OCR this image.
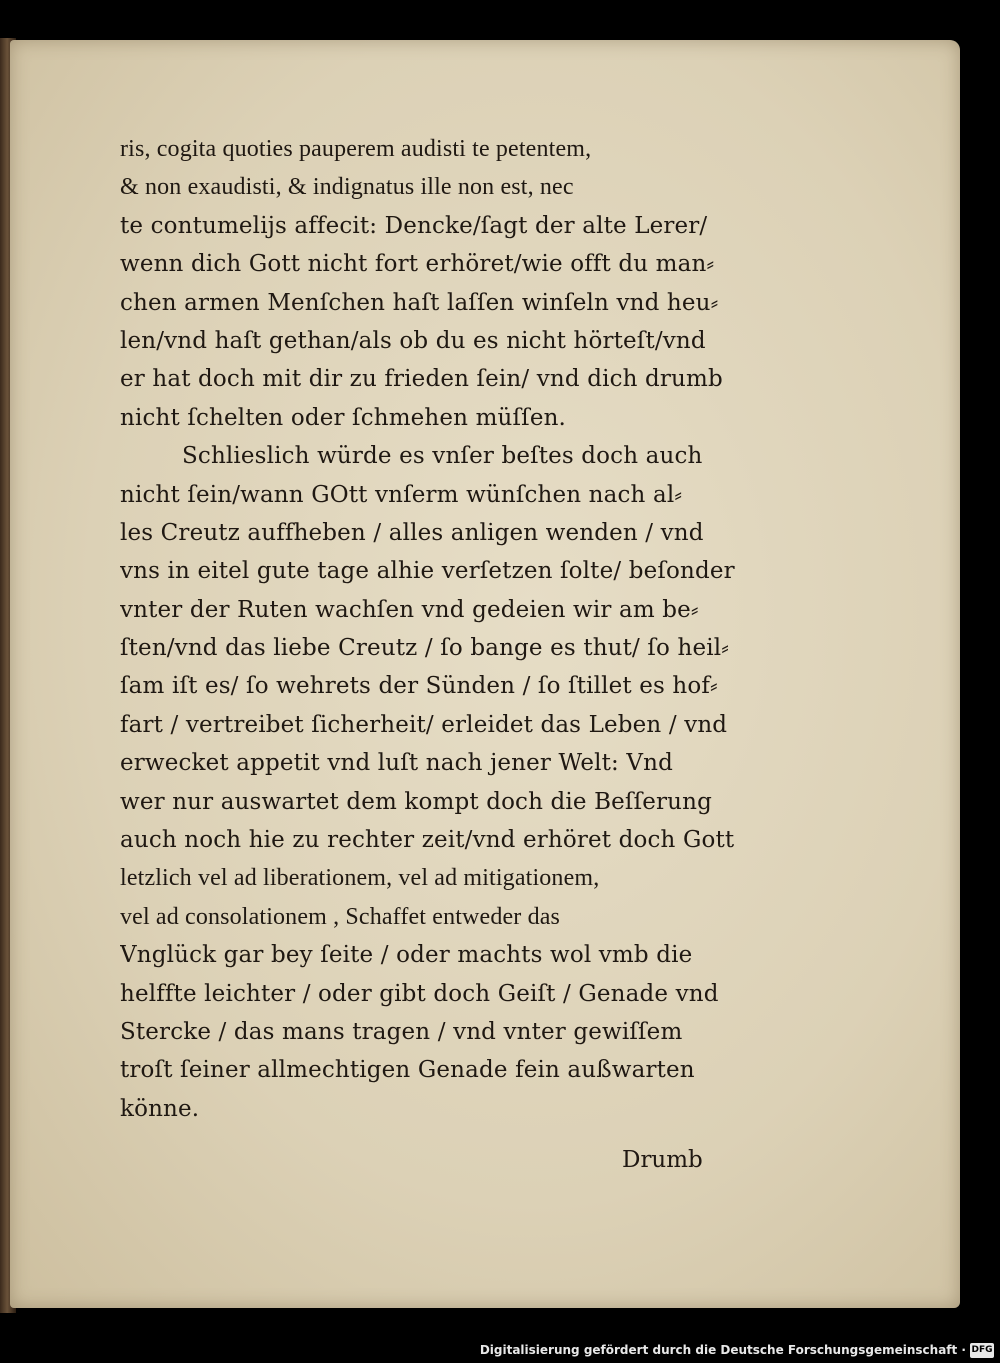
ris, cogita quoties pauperem audisti te petentem,
& non exaudisti, & indignatus ille non est, nec
te contumelijs affecit: Dencke/ſagt der alte Lerer/
wenn dich Gott nicht fort erhöret/wie offt du man⸗
chen armen Menſchen haſt laſſen winſeln vnd heu⸗
len/vnd haſt gethan/als ob du es nicht hörteſt/vnd
er hat doch mit dir zu frieden ſein/ vnd dich drumb
nicht ſchelten oder ſchmehen müſſen.
Schlieslich würde es vnſer beſtes doch auch
nicht ſein/wann GOtt vnſerm wünſchen nach al⸗
les Creutz auffheben / alles anligen wenden / vnd
vns in eitel gute tage alhie verſetzen ſolte/ beſonder
vnter der Ruten wachſen vnd gedeien wir am be⸗
ſten/vnd das liebe Creutz / ſo bange es thut/ ſo heil⸗
ſam iſt es/ ſo wehrets der Sünden / ſo ſtillet es hof⸗
fart / vertreibet ſicherheit/ erleidet das Leben / vnd
erwecket appetit vnd luſt nach jener Welt: Vnd
wer nur auswartet dem kompt doch die Beſſerung
auch noch hie zu rechter zeit/vnd erhöret doch Gott
letzlich vel ad liberationem, vel ad mitigationem,
vel ad consolationem , Schaffet entweder das
Vnglück gar bey ſeite / oder machts wol vmb die
helffte leichter / oder gibt doch Geiſt / Genade vnd
Stercke / das mans tragen / vnd vnter gewiſſem
troſt ſeiner allmechtigen Genade fein außwarten
könne.
Drumb
Digitalisierung gefördert durch die Deutsche Forschungsgemeinschaft · DFG
